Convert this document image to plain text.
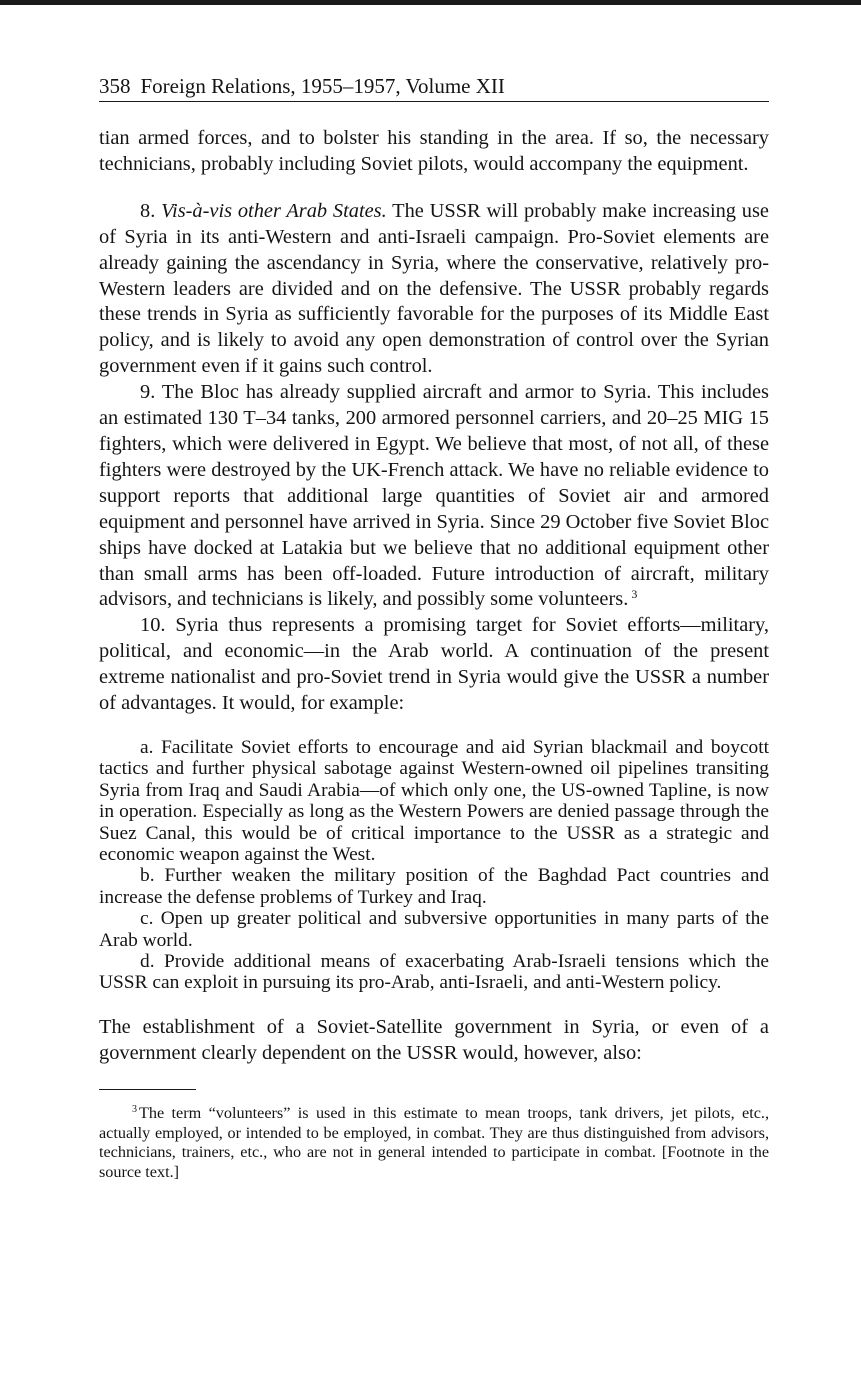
358 Foreign Relations, 1955–1957, Volume XII

tian armed forces, and to bolster his standing in the area. If so, the necessary technicians, probably including Soviet pilots, would accompany the equipment.

8. Vis-à-vis other Arab States. The USSR will probably make increasing use of Syria in its anti-Western and anti-Israeli campaign. Pro-Soviet elements are already gaining the ascendancy in Syria, where the conservative, relatively pro-Western leaders are divided and on the defensive. The USSR probably regards these trends in Syria as sufficiently favorable for the purposes of its Middle East policy, and is likely to avoid any open demonstration of control over the Syrian government even if it gains such control.

9. The Bloc has already supplied aircraft and armor to Syria. This includes an estimated 130 T–34 tanks, 200 armored personnel carriers, and 20–25 MIG 15 fighters, which were delivered in Egypt. We believe that most, of not all, of these fighters were destroyed by the UK-French attack. We have no reliable evidence to support reports that additional large quantities of Soviet air and armored equipment and personnel have arrived in Syria. Since 29 October five Soviet Bloc ships have docked at Latakia but we believe that no additional equipment other than small arms has been off-loaded. Future introduction of aircraft, military advisors, and technicians is likely, and possibly some volunteers. $^3$

10. Syria thus represents a promising target for Soviet efforts—military, political, and economic—in the Arab world. A continuation of the present extreme nationalist and pro-Soviet trend in Syria would give the USSR a number of advantages. It would, for example:

a. Facilitate Soviet efforts to encourage and aid Syrian blackmail and boycott tactics and further physical sabotage against Western-owned oil pipelines transiting Syria from Iraq and Saudi Arabia—of which only one, the US-owned Tapline, is now in operation. Especially as long as the Western Powers are denied passage through the Suez Canal, this would be of critical importance to the USSR as a strategic and economic weapon against the West.

b. Further weaken the military position of the Baghdad Pact countries and increase the defense problems of Turkey and Iraq.

c. Open up greater political and subversive opportunities in many parts of the Arab world.

d. Provide additional means of exacerbating Arab-Israeli tensions which the USSR can exploit in pursuing its pro-Arab, anti-Israeli, and anti-Western policy.

The establishment of a Soviet-Satellite government in Syria, or even of a government clearly dependent on the USSR would, however, also:

$^3$ The term “volunteers” is used in this estimate to mean troops, tank drivers, jet pilots, etc., actually employed, or intended to be employed, in combat. They are thus distinguished from advisors, technicians, trainers, etc., who are not in general intended to participate in combat. [Footnote in the source text.]
